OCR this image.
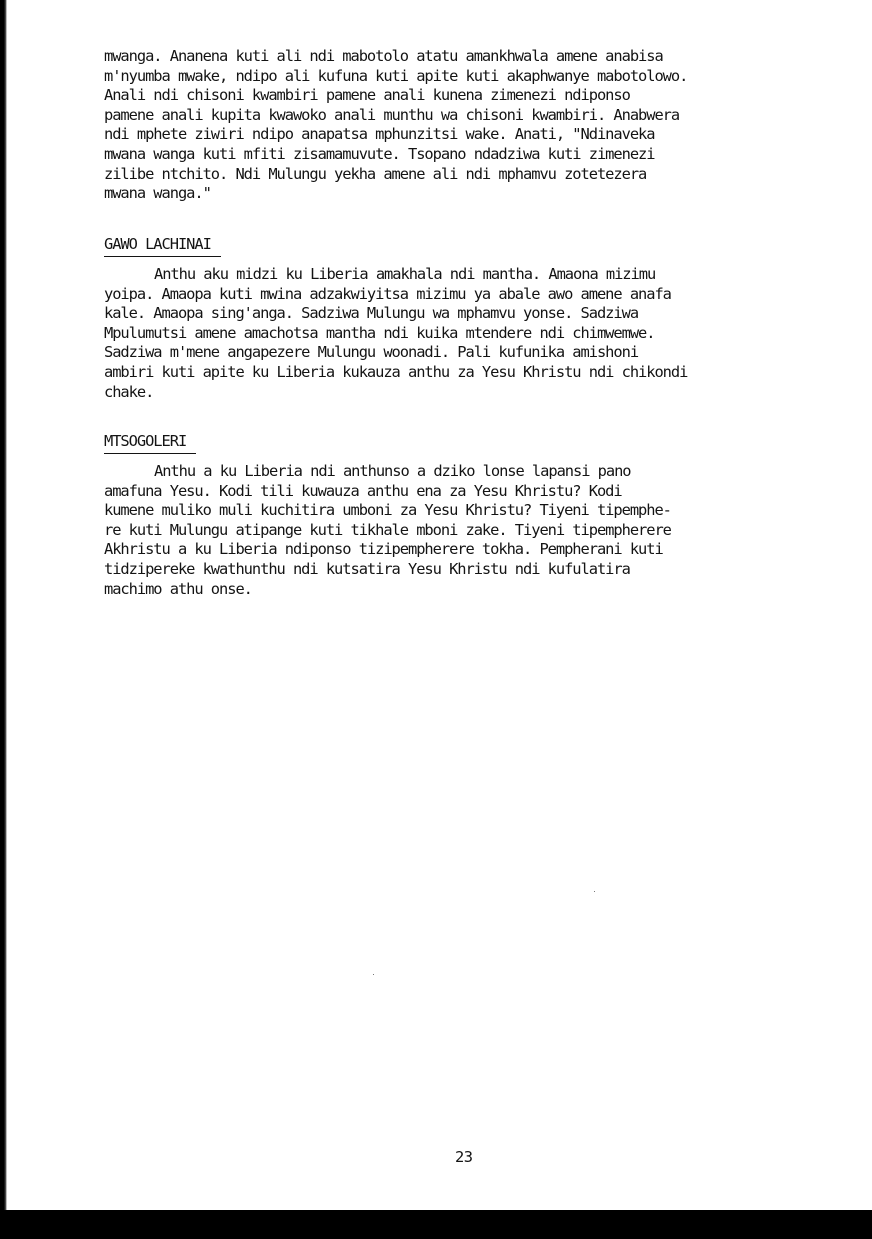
mwanga. Ananena kuti ali ndi mabotolo atatu amankhwala amene anabisa
m'nyumba mwake, ndipo ali kufuna kuti apite kuti akaphwanye mabotolowo.
Anali ndi chisoni kwambiri pamene anali kunena zimenezi ndiponso
pamene anali kupita kwawoko anali munthu wa chisoni kwambiri. Anabwera
ndi mphete ziwiri ndipo anapatsa mphunzitsi wake. Anati, "Ndinaveka
mwana wanga kuti mfiti zisamamuvute. Tsopano ndadziwa kuti zimenezi
zilibe ntchito. Ndi Mulungu yekha amene ali ndi mphamvu zotetezera
mwana wanga."

GAWO LACHINAI

Anthu aku midzi ku Liberia amakhala ndi mantha. Amaona mizimu
yoipa. Amaopa kuti mwina adzakwiyitsa mizimu ya abale awo amene anafa
kale. Amaopa sing'anga. Sadziwa Mulungu wa mphamvu yonse. Sadziwa
Mpulumutsi amene amachotsa mantha ndi kuika mtendere ndi chimwemwe.
Sadziwa m'mene angapezere Mulungu woonadi. Pali kufunika amishoni
ambiri kuti apite ku Liberia kukauza anthu za Yesu Khristu ndi chikondi
chake.

MTSOGOLERI

Anthu a ku Liberia ndi anthunso a dziko lonse lapansi pano
amafuna Yesu. Kodi tili kuwauza anthu ena za Yesu Khristu? Kodi
kumene muliko muli kuchitira umboni za Yesu Khristu? Tiyeni tipemphe-
re kuti Mulungu atipange kuti tikhale mboni zake. Tiyeni tipempherere
Akhristu a ku Liberia ndiponso tizipempherere tokha. Pempherani kuti
tidzipereke kwathunthu ndi kutsatira Yesu Khristu ndi kufulatira
machimo athu onse.

23
